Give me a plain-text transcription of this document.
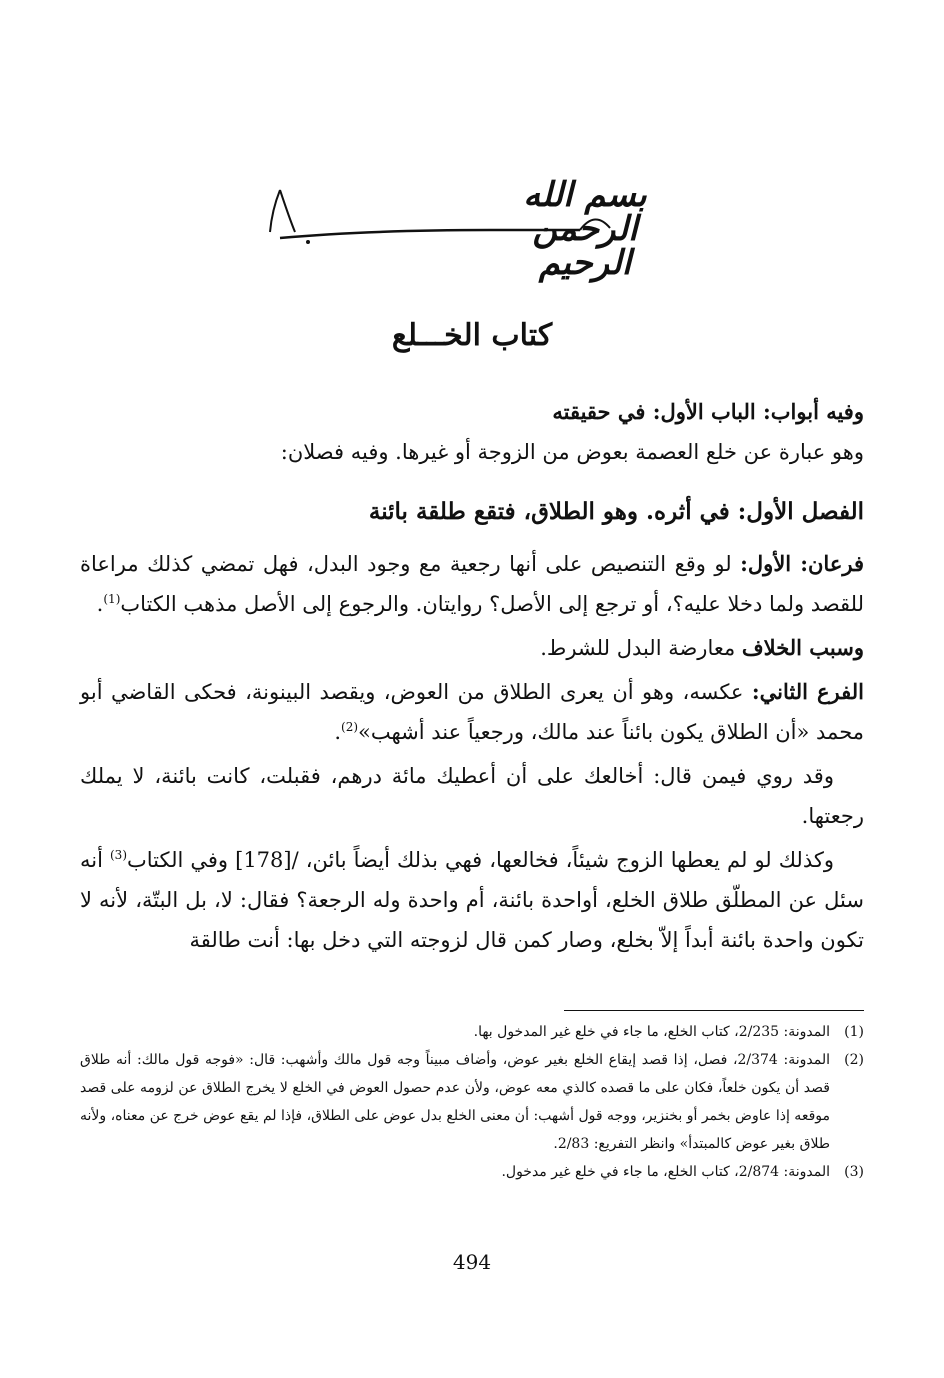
بسم الله الرحمن الرحيم
كتاب الخـــلع

وفيه أبواب: الباب الأول: في حقيقته

وهو عبارة عن خلع العصمة بعوض من الزوجة أو غيرها. وفيه فصلان:

الفصل الأول: في أثره. وهو الطلاق، فتقع طلقة بائنة

فرعان: الأول: لو وقع التنصيص على أنها رجعية مع وجود البدل، فهل تمضي كذلك مراعاة للقصد ولما دخلا عليه؟، أو ترجع إلى الأصل؟ روايتان. والرجوع إلى الأصل مذهب الكتاب$^{(1)}$.

وسبب الخلاف معارضة البدل للشرط.

الفرع الثاني: عكسه، وهو أن يعرى الطلاق من العوض، ويقصد البينونة، فحكى القاضي أبو محمد «أن الطلاق يكون بائناً عند مالك، ورجعياً عند أشهب»$^{(2)}$.

وقد روي فيمن قال: أخالعك على أن أعطيك مائة درهم، فقبلت، كانت بائنة، لا يملك رجعتها.

وكذلك لو لم يعطها الزوج شيئاً، فخالعها، فهي بذلك أيضاً بائن، /[178] وفي الكتاب$^{(3)}$ أنه سئل عن المطلّق طلاق الخلع، أواحدة بائنة، أم واحدة وله الرجعة؟ فقال: لا، بل البتّة، لأنه لا تكون واحدة بائنة أبداً إلاّ بخلع، وصار كمن قال لزوجته التي دخل بها: أنت طالقة

(1)
المدونة: 2/235، كتاب الخلع، ما جاء في خلع غير المدخول بها.
(2)
المدونة: 2/374، فصل، إذا قصد إيقاع الخلع بغير عوض، وأضاف مبيناً وجه قول مالك وأشهب: قال: «فوجه قول مالك: أنه طلاق قصد أن يكون خلعاً، فكان على ما قصده كالذي معه عوض، ولأن عدم حصول العوض في الخلع لا يخرج الطلاق عن لزومه على قصد موقعه إذا عاوض بخمر أو بخنزير، ووجه قول أشهب: أن معنى الخلع بدل عوض على الطلاق، فإذا لم يقع عوض خرج عن معناه، ولأنه طلاق بغير عوض كالمبتدأ» وانظر التفريع: 2/83.
(3)
المدونة: 2/874، كتاب الخلع، ما جاء في خلع غير مدخول.
494
